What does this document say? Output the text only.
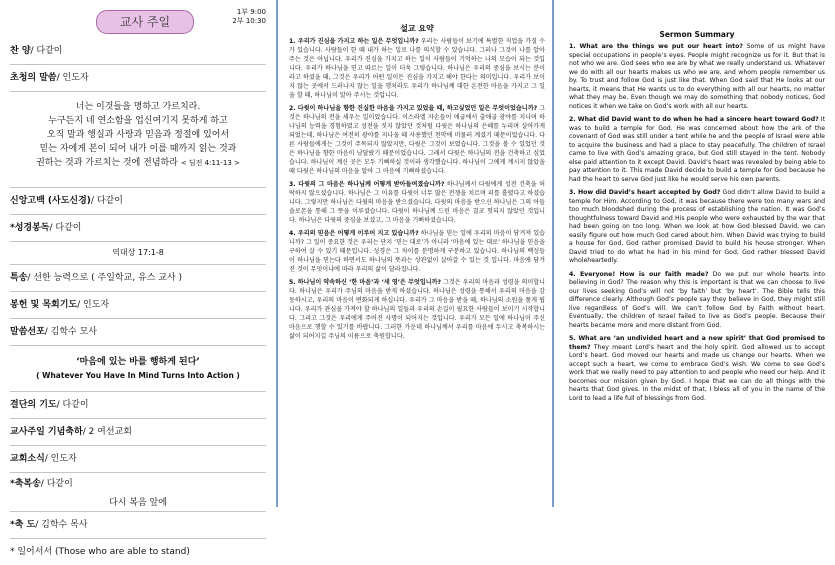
교사 주일
1부 9:00
2부 10:30
찬 양 / 다같이
초청의 말씀 / 인도자
너는 이것들을 명하고 가르치라.
누구든지 네 연소함을 업신여기지 못하게 하고
오직 말과 행실과 사랑과 믿음과 정절에 있어서
믿는 자에게 본이 되어 내가 이를 때까지 읽는 것과
권하는 것과 가르치는 것에 전념하라 < 딤전 4:11-13 >
신앙고백 (사도신경) / 다같이
*성경봉독 / 다같이
역대상 17:1-8
특송 / 선한 능력으로 ( 주일학교, 유스 교사 )
봉헌 및 목회기도 / 인도자
말씀선포 / 김학수 모사
‘마음에 있는 바를 행하게 된다’
( Whatever You Have In Mind Turns Into Action )
결단의 기도 / 다같이
교사주일 기념축하 / 2 여선교회
교회소식 / 인도자
*축복송 / 다같이
다시 복음 앞에
*축 도 / 김학수 목사
* 일어서서 (Those who are able to stand)
설교 요약

1. 우리가 진심을 가지고 하는 일은 무엇입니까? 우리는 사람들이 보기에 특별한 직업을 가질 수가 있습니다. 사람들이 한 때 내가 하는 일로 나를 의식할 수 있습니다. 그러나 그것이 나를 알아주는 것은 아닙니다. 우리가 진심을 가지고 하는 일이 사람들이 기억하는 나의 모습이 되는 것입니다. 우리가 하나님을 믿고 따르는 일이 더욱 그렇습니다. 하나님은 우리의 중심을 보시는 분이라고 하셨을 때, 그것은 우리가 어떤 일이든 진심을 가지고 해야 한다는 의미입니다. 우리가 보이지 않는 곳에서 드러나지 않는 일을 행치라도 우리가 하나님께 대한 온전한 마음을 가지고 그 일을 할 때, 하나님이 알아 주시는 것입니다.

2. 다윗이 하나님을 향한 진실한 마음을 가지고 있었을 때, 하고싶었던 일은 무엇이었습니까? 그것은 하나님의 전을 세우는 일이었습니다. 이스라엘 자손들이 애굽에서 출애굽 광야를 지나며 하나님의 능력을 경험하였고 성전을 짓지 않았던 것처럼 다윗은 하나님의 은혜를 누리며 살아가게 되었는데, 하나님은 여전히 광야를 지나올 때 사용했던 천막에 머물러 계셨기 때문이었습니다. 다른 사람들에게는 그것이 주목되지 않았지만, 다윗은 그것이 보였습니다. 그것을 볼 수 있었던 것은 하나님을 향한 마음이 남달랐기 때문이었습니다. 그래서 다윗은 하나님의 전을 건축하고 싶었습니다. 하나님이 계신 곳은 모두 기뻐하실 것이라 생각했습니다. 하나님이 그에게 계시지 않았을 때 다윗은 하나님의 마음을 알아 그 마음에 기뻐하셨습니다.

3. 다윗의 그 마음은 하나님께 어떻게 받아들여졌습니까? 하나님께서 다윗에게 성전 건축을 허락하지 않으셨습니다. 하나님은 그 이유를 다윗이 너무 많은 전쟁을 치르며 피를 흘렸다고 하셨습니다. 그렇지만 하나님은 다윗의 마음을 받으셨습니다. 다윗의 마음을 받으신 하나님은 그의 아들 솔로몬을 통해 그 뜻을 이루셨습니다. 다윗이 하나님께 드린 마음은 결코 헛되지 않았던 것입니다. 하나님은 다윗의 중심을 보셨고, 그 마음을 기뻐하셨습니다.

4. 우리의 믿음은 어떻게 이루어 지고 있습니까? 하나님을 믿는 일에 우리의 마음이 담겨져 있습니까? 그 일이 중요한 것은 우리는 단지 ‘믿는 대로’가 아니라 ‘마음에 있는 대로’ 하나님을 믿음을 구하여 살 수 있기 때문입니다. 성경은 그 차이를 분명하게 구분하고 있습니다. 하나님의 백성들이 하나님을 믿는다 하면서도 하나님의 뜻과는 상관없이 살아갈 수 있는 것 입니다. 마음에 담겨진 것이 무엇이냐에 따라 우리의 삶이 달라집니다.

5. 하나님이 약속하신 ‘한 마음’과 ‘새 영’은 무엇입니까? 그것은 우리의 마음과 성령을 의미합니다. 하나님은 우리가 주님의 마음을 받게 하셨습니다. 하나님은 성령을 통해서 우리의 마음을 감동하시고, 우리의 마음이 변화되게 하십니다. 우리가 그 마음을 받을 때, 하나님의 소원을 품게 됩니다. 우리가 관심을 가져야 할 하나님의 일들과 우리의 손길이 필요한 사람들이 보이기 시작합니다. 그리고 그것은 우리에게 주어진 사명이 되어지는 것입니다. 우리가 모든 일에 하나님이 주신 마음으로 행할 수 있기를 바랍니다. 그러한 가운데 하나님께서 우리를 마음에 두시고 축복하시는 삶이 되어지길 주님의 이름으로 축원합니다.

Sermon Summary

1. What are the things we put our heart into? Some of us might have special occupations in people’s eyes. People might recognize us for it. But that is not who we are. God sees who we are by what we really understand us. Whatever we do with all our hearts makes us who we are, and whom people remember us by. To trust and follow God is just like that. When God said that He looks at our hearts, it means that He wants us to do everything with all our hearts, no matter what they may be. Even though we may do something that nobody notices, God notices it when we take on God’s work with all our hearts.

2. What did David want to do when he had a sincere heart toward God? It was to build a temple for God. He was concerned about how the ark of the covenant of God was still under a tent while he and the people of Israel were able to acquire the business and had a place to stay peacefully. The children of Israel came to live with God’s amazing grace, but God still stayed in the tent. Nobody else paid attention to it except David. David’s heart was revealed by being able to pay attention to it. This made David decide to build a temple for God because he had the heart to serve God just like he would serve his own parents.

3. How did David’s heart accepted by God? God didn’t allow David to build a temple for Him. According to God, it was because there were too many wars and too much bloodshed during the process of establishing the nation. It was God’s thoughtfulness toward David and His people who were exhausted by the war that had been going on too long. When we look at how God blessed David, we can easily figure out how much God cared about him. When David was trying to build a house for God, God rather promised David to build his house stronger. When David tried to do what he had in his mind for God, God rather blessed David wholeheartedly.

4. Everyone! How is our faith made? Do we put our whole hearts into believing in God? The reason why this is important is that we can choose to live our lives seeking God’s will not ‘by faith’ but ‘by heart’. The Bible tells this difference clearly. Although God’s people say they believe in God, they might still live regardless of God’s will. We can’t follow God by Faith without heart. Eventually, the children of Israel failed to live as God’s people. Because their hearts became more and more distant from God.

5. What are ‘an undivided heart and a new spirit’ that God promised to them? They meant Lord’s heart and the holy spirit. God allowed us to accept Lord’s heart. God moved our hearts and made us change our hearts. When we accept such a heart, we come to embrace God’s wish. We come to see God’s work that we really need to pay attention to and people who need our help. And it becomes our mission given by God. I hope that we can do all things with the hearts that God gives. In the midst of that, I bless all of you in the name of the Lord to lead a life full of blessings from God.
